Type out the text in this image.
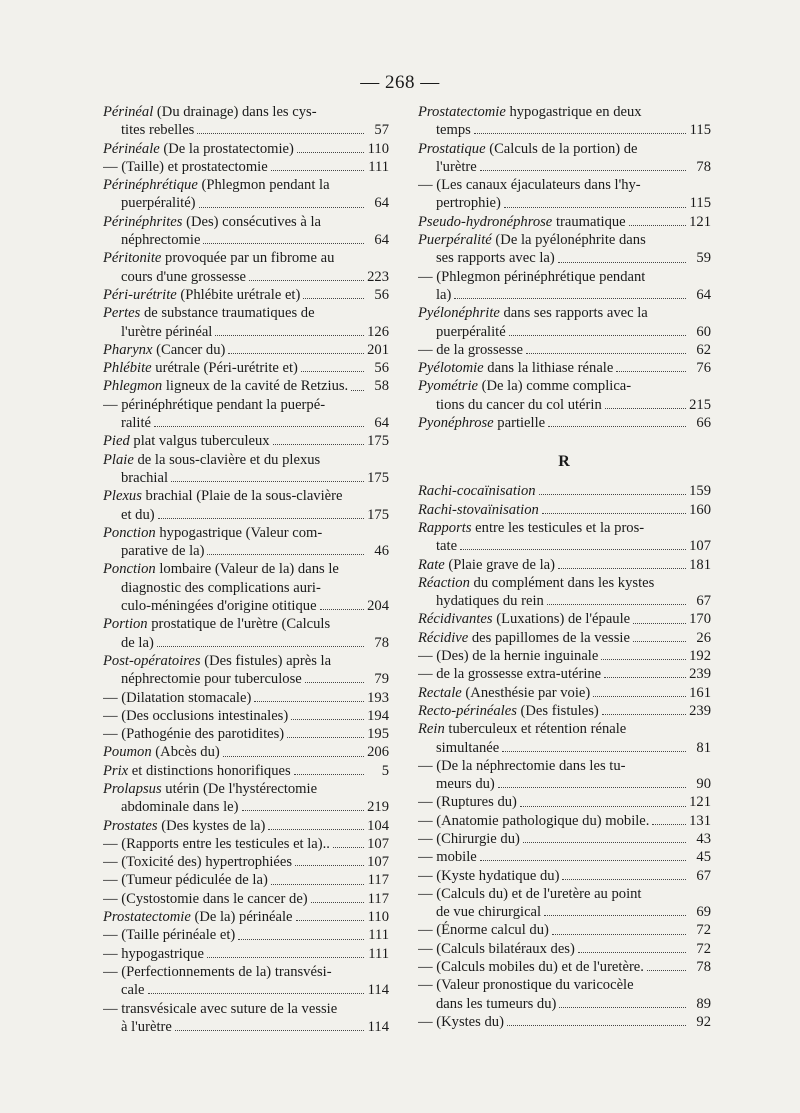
— 268 —
Périnéal (Du drainage) dans les cys-
tites rebelles	57
Périnéale (De la prostatectomie)	110
— (Taille) et prostatectomie	111
Périnéphrétique (Phlegmon pendant la
puerpéralité)	64
Périnéphrites (Des) consécutives à la
néphrectomie	64
Péritonite provoquée par un fibrome au
cours d'une grossesse	223
Péri-urétrite (Phlébite urétrale et)	56
Pertes de substance traumatiques de
l'urètre périnéal	126
Pharynx (Cancer du)	201
Phlébite urétrale (Péri-urétrite et)	56
Phlegmon ligneux de la cavité de Retzius.	58
— périnéphrétique pendant la puerpé-
ralité	64
Pied plat valgus tuberculeux	175
Plaie de la sous-clavière et du plexus
brachial	175
Plexus brachial (Plaie de la sous-clavière
et du)	175
Ponction hypogastrique (Valeur com-
parative de la)	46
Ponction lombaire (Valeur de la) dans le
diagnostic des complications auri-
culo-méningées d'origine otitique	204
Portion prostatique de l'urètre (Calculs
de la)	78
Post-opératoires (Des fistules) après la
néphrectomie pour tuberculose	79
— (Dilatation stomacale)	193
— (Des occlusions intestinales)	194
— (Pathogénie des parotidites)	195
Poumon (Abcès du)	206
Prix et distinctions honorifiques	5
Prolapsus utérin (De l'hystérectomie
abdominale dans le)	219
Prostates (Des kystes de la)	104
— (Rapports entre les testicules et la)..	107
— (Toxicité des) hypertrophiées	107
— (Tumeur pédiculée de la)	117
— (Cystostomie dans le cancer de)	117
Prostatectomie (De la) périnéale	110
— (Taille périnéale et)	111
— hypogastrique	111
— (Perfectionnements de la) transvési-
cale	114
— transvésicale avec suture de la vessie
à l'urètre	114
Prostatectomie hypogastrique en deux
temps	115
Prostatique (Calculs de la portion) de
l'urètre	78
— (Les canaux éjaculateurs dans l'hy-
pertrophie)	115
Pseudo-hydronéphrose traumatique	121
Puerpéralité (De la pyélonéphrite dans
ses rapports avec la)	59
— (Phlegmon périnéphrétique pendant
la)	64
Pyélonéphrite dans ses rapports avec la
puerpéralité	60
— de la grossesse	62
Pyélotomie dans la lithiase rénale	76
Pyométrie (De la) comme complica-
tions du cancer du col utérin	215
Pyonéphrose partielle	66
R
Rachi-cocaïnisation	159
Rachi-stovaïnisation	160
Rapports entre les testicules et la pros-
tate	107
Rate (Plaie grave de la)	181
Réaction du complément dans les kystes
hydatiques du rein	67
Récidivantes (Luxations) de l'épaule	170
Récidive des papillomes de la vessie	26
— (Des) de la hernie inguinale	192
— de la grossesse extra-utérine	239
Rectale (Anesthésie par voie)	161
Recto-périnéales (Des fistules)	239
Rein tuberculeux et rétention rénale
simultanée	81
— (De la néphrectomie dans les tu-
meurs du)	90
— (Ruptures du)	121
— (Anatomie pathologique du) mobile.	131
— (Chirurgie du)	43
— mobile	45
— (Kyste hydatique du)	67
— (Calculs du) et de l'uretère au point
de vue chirurgical	69
— (Énorme calcul du)	72
— (Calculs bilatéraux des)	72
— (Calculs mobiles du) et de l'uretère.	78
— (Valeur pronostique du varicocèle
dans les tumeurs du)	89
— (Kystes du)	92
